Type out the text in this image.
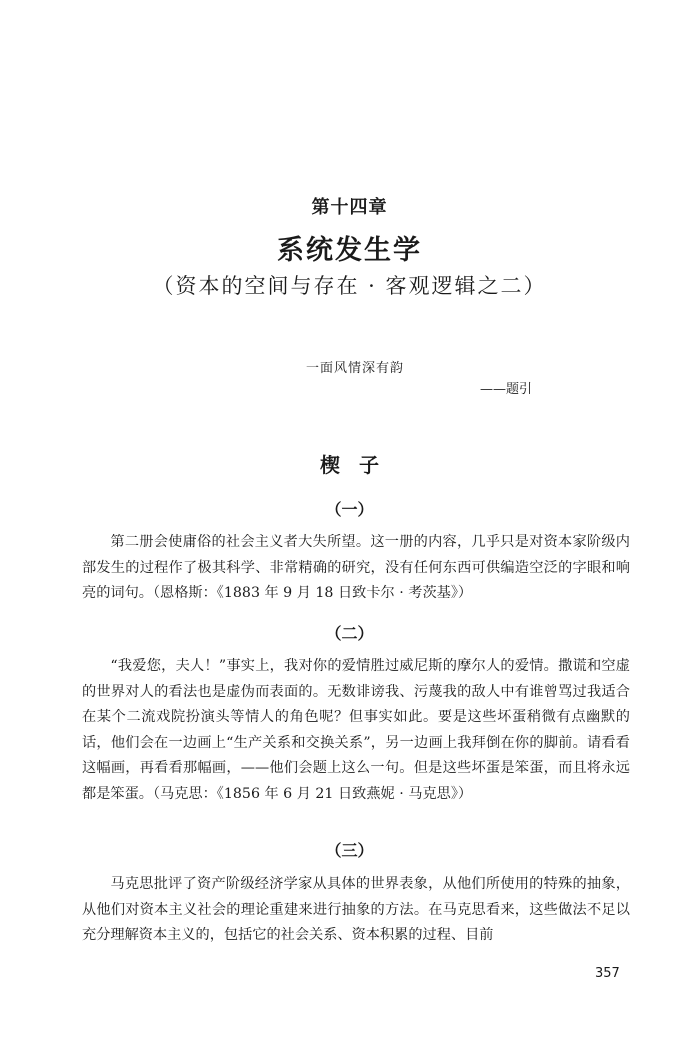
第十四章
系统发生学
（资本的空间与存在 · 客观逻辑之二）
一面风情深有韵
——题引
楔 子
（一）
第二册会使庸俗的社会主义者大失所望。这一册的内容，几乎只是对资本家阶级内部发生的过程作了极其科学、非常精确的研究，没有任何东西可供编造空泛的字眼和响亮的词句。（恩格斯：《1883 年 9 月 18 日致卡尔 · 考茨基》）
（二）
“我爱您，夫人！”事实上，我对你的爱情胜过威尼斯的摩尔人的爱情。撒谎和空虚的世界对人的看法也是虚伪而表面的。无数诽谤我、污蔑我的敌人中有谁曾骂过我适合在某个二流戏院扮演头等情人的角色呢？但事实如此。要是这些坏蛋稍微有点幽默的话，他们会在一边画上“生产关系和交换关系”，另一边画上我拜倒在你的脚前。请看看这幅画，再看看那幅画，——他们会题上这么一句。但是这些坏蛋是笨蛋，而且将永远都是笨蛋。（马克思：《1856 年 6 月 21 日致燕妮 · 马克思》）
（三）
马克思批评了资产阶级经济学家从具体的世界表象，从他们所使用的特殊的抽象，从他们对资本主义社会的理论重建来进行抽象的方法。在马克思看来，这些做法不足以充分理解资本主义的，包括它的社会关系、资本积累的过程、目前
357
